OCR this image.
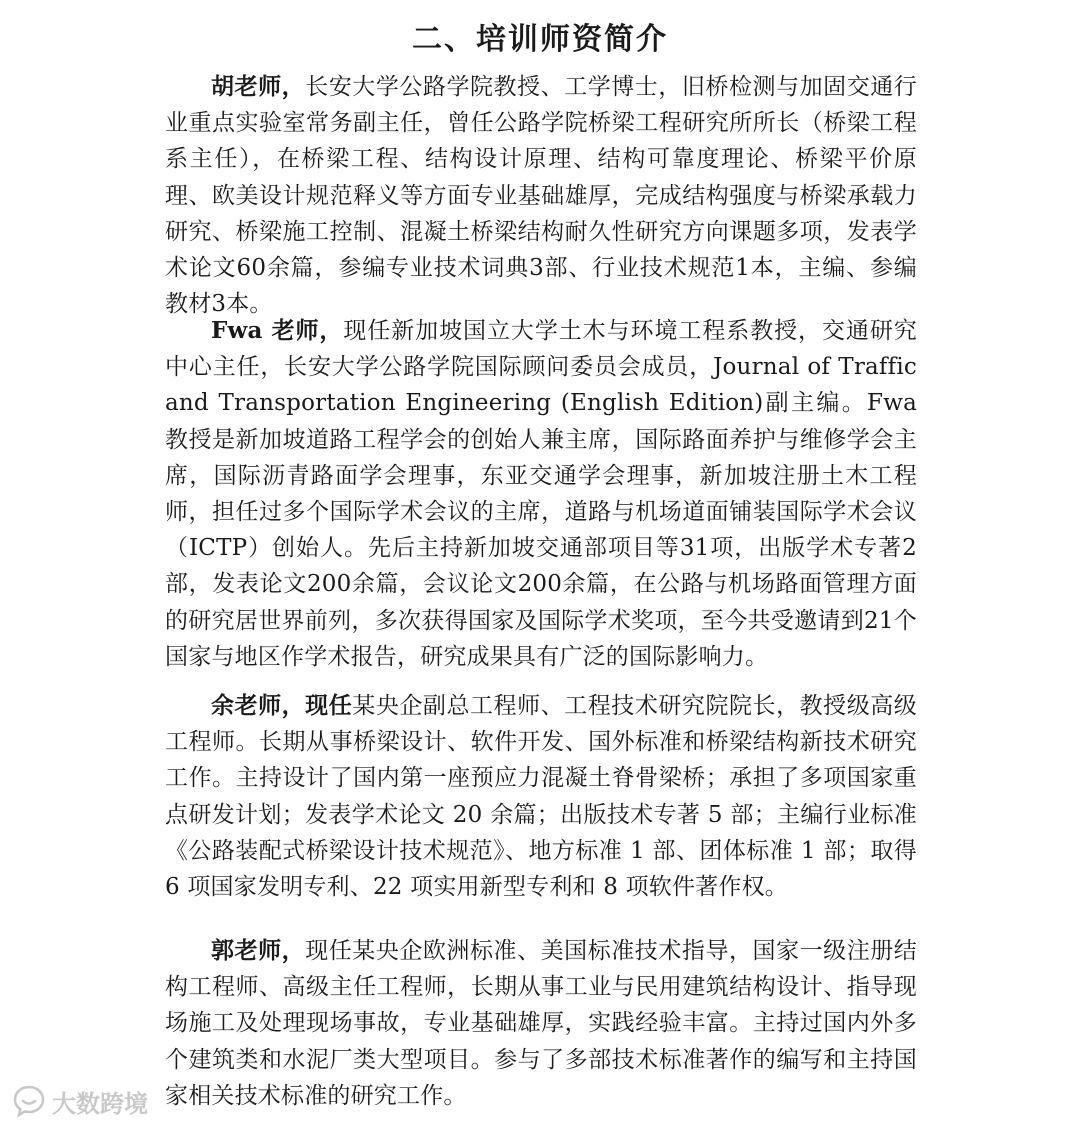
二、培训师资简介

胡老师，长安大学公路学院教授、工学博士，旧桥检测与加固交通行业重点实验室常务副主任，曾任公路学院桥梁工程研究所所长（桥梁工程系主任），在桥梁工程、结构设计原理、结构可靠度理论、桥梁平价原理、欧美设计规范释义等方面专业基础雄厚，完成结构强度与桥梁承载力研究、桥梁施工控制、混凝土桥梁结构耐久性研究方向课题多项，发表学术论文60余篇，参编专业技术词典3部、行业技术规范1本，主编、参编教材3本。

Fwa 老师，现任新加坡国立大学土木与环境工程系教授，交通研究中心主任，长安大学公路学院国际顾问委员会成员，Journal of Traffic and Transportation Engineering (English Edition)副主编。Fwa 教授是新加坡道路工程学会的创始人兼主席，国际路面养护与维修学会主席，国际沥青路面学会理事，东亚交通学会理事，新加坡注册土木工程师，担任过多个国际学术会议的主席，道路与机场道面铺装国际学术会议（ICTP）创始人。先后主持新加坡交通部项目等31项，出版学术专著2部，发表论文200余篇，会议论文200余篇，在公路与机场路面管理方面的研究居世界前列，多次获得国家及国际学术奖项，至今共受邀请到21个国家与地区作学术报告，研究成果具有广泛的国际影响力。

余老师，现任某央企副总工程师、工程技术研究院院长，教授级高级工程师。长期从事桥梁设计、软件开发、国外标准和桥梁结构新技术研究工作。主持设计了国内第一座预应力混凝土脊骨梁桥；承担了多项国家重点研发计划；发表学术论文 20 余篇；出版技术专著 5 部；主编行业标准《公路装配式桥梁设计技术规范》、地方标准 1 部、团体标准 1 部；取得 6 项国家发明专利、22 项实用新型专利和 8 项软件著作权。

郭老师，现任某央企欧洲标准、美国标准技术指导，国家一级注册结构工程师、高级主任工程师，长期从事工业与民用建筑结构设计、指导现场施工及处理现场事故，专业基础雄厚，实践经验丰富。主持过国内外多个建筑类和水泥厂类大型项目。参与了多部技术标准著作的编写和主持国家相关技术标准的研究工作。

大数跨境
